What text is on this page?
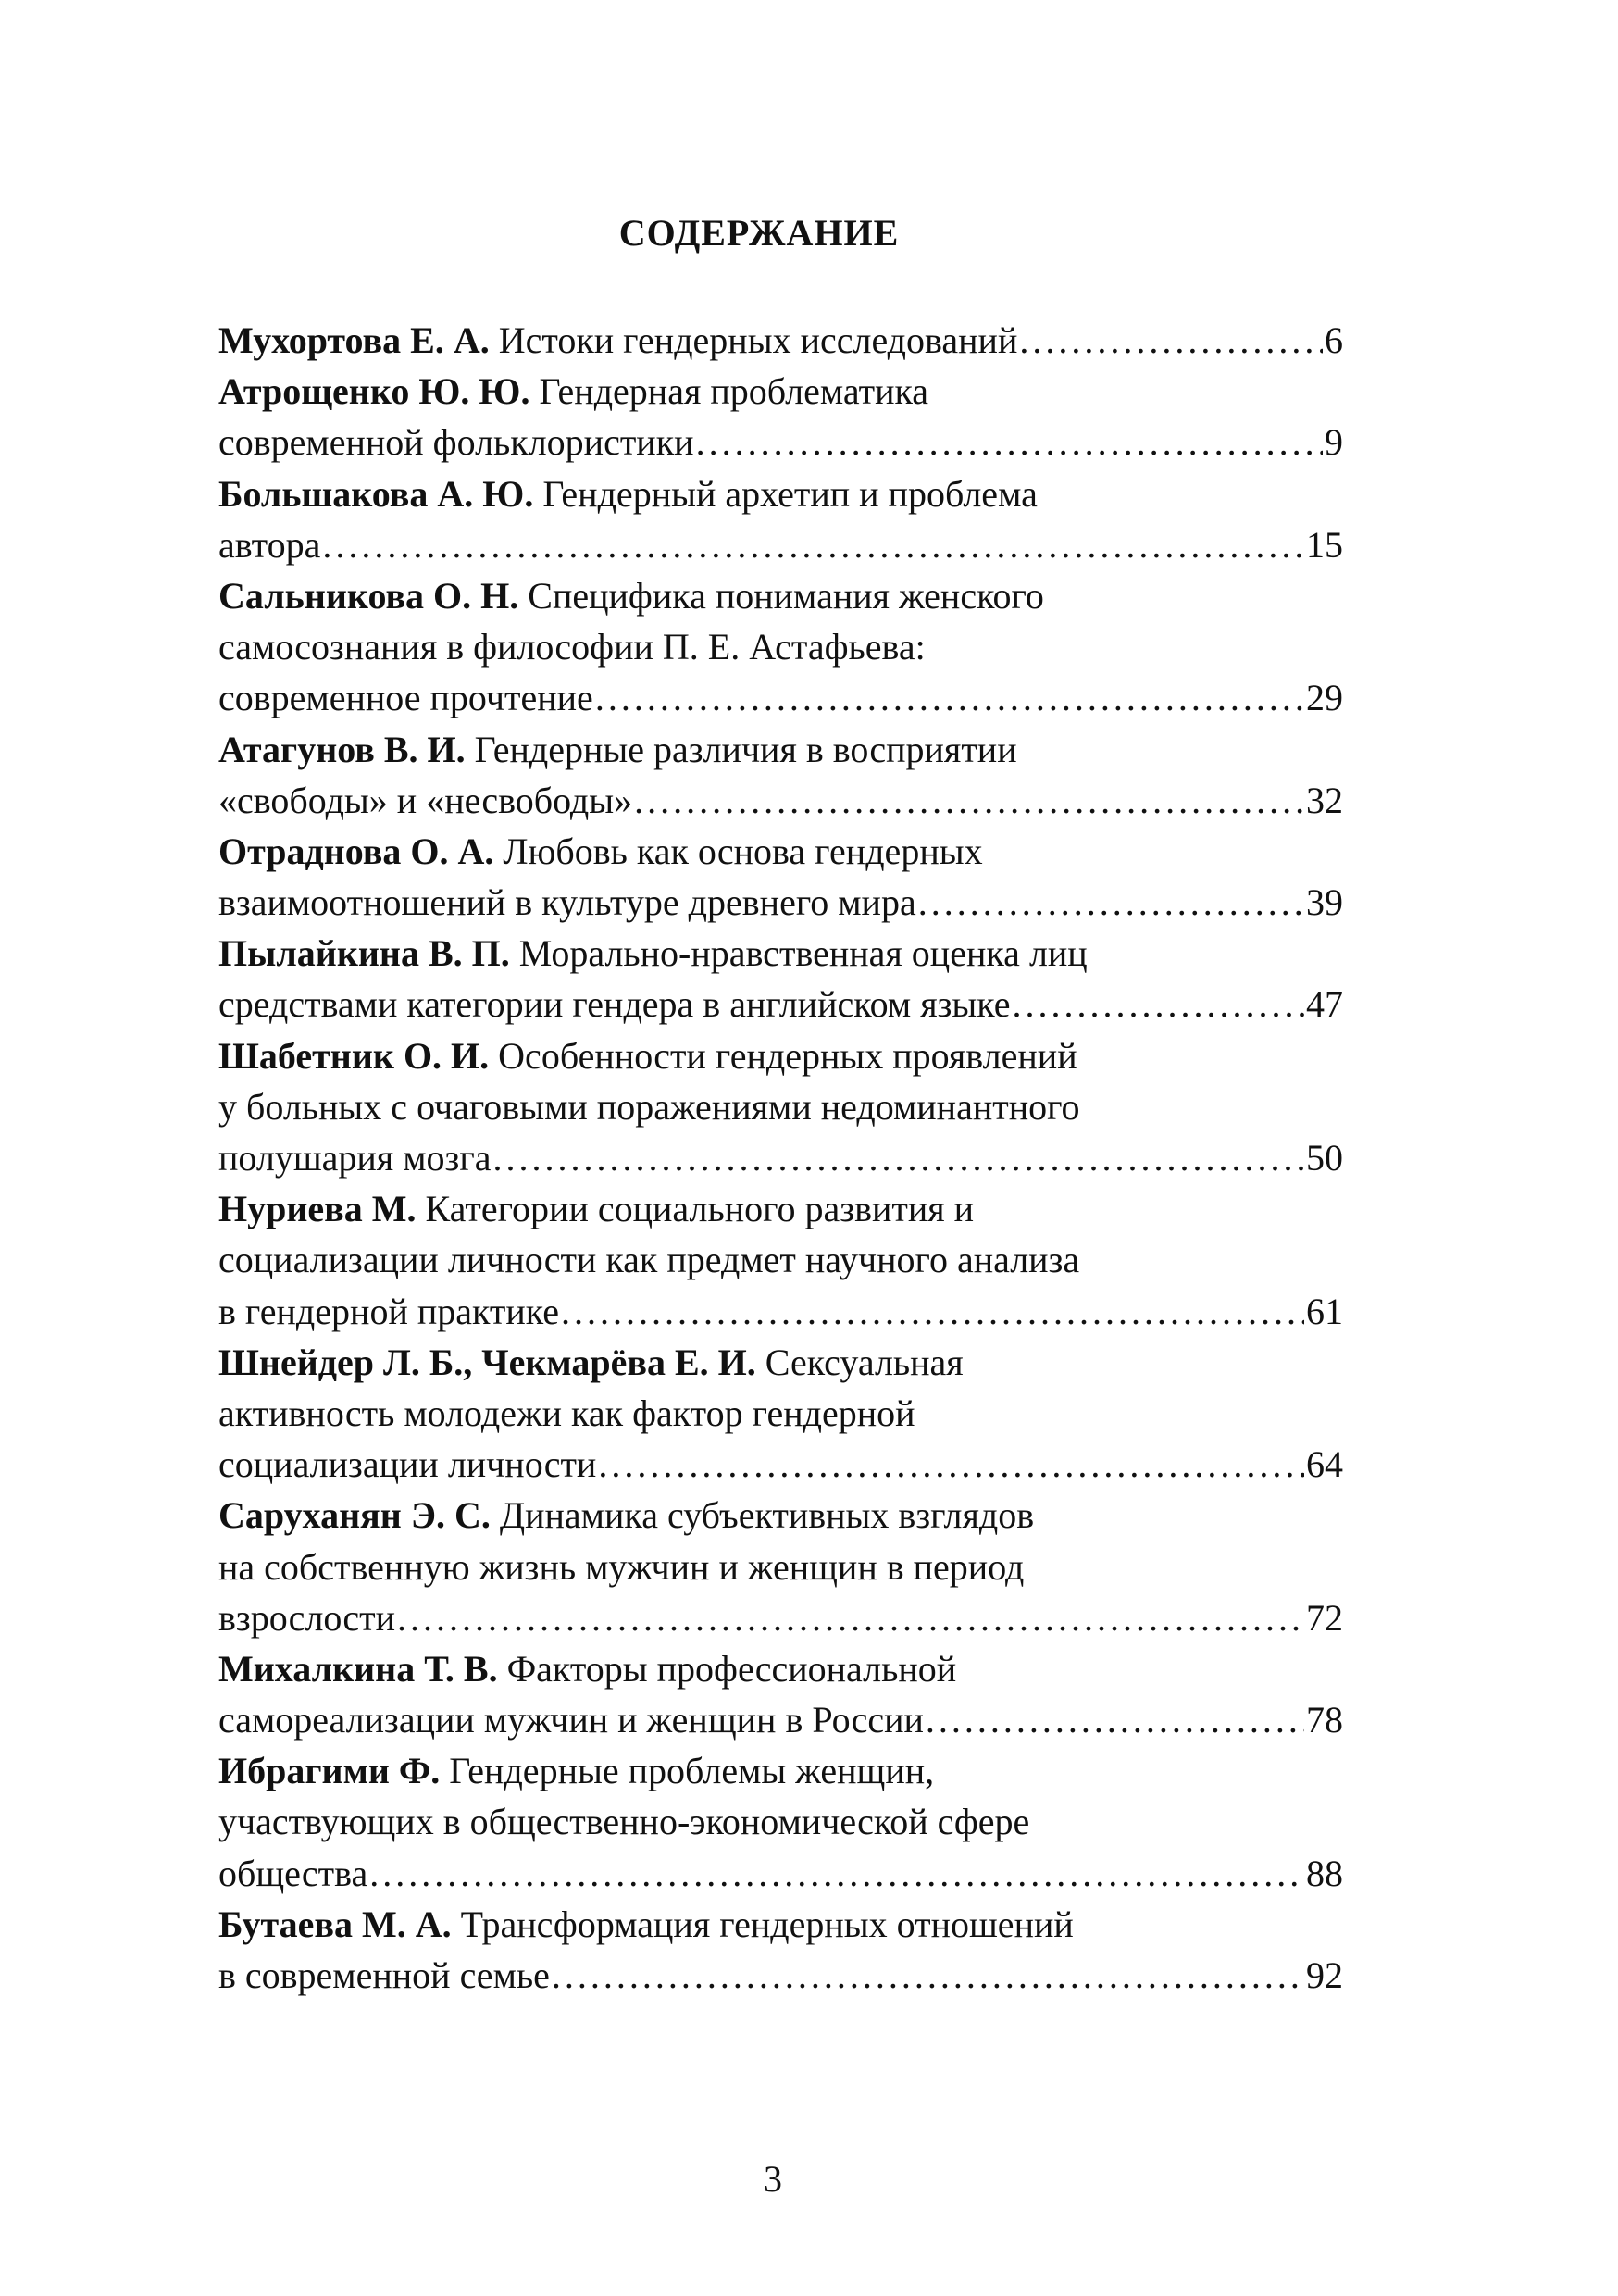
СОДЕРЖАНИЕ
Мухортова Е. А. Истоки гендерных исследований . . .	6
Атрощенко Ю. Ю. Гендерная проблематика
современной фольклористики . . .	9
Большакова А. Ю. Гендерный архетип и проблема
автора . . .	15
Сальникова О. Н. Специфика понимания женского
самосознания в философии П. Е. Астафьева:
современное прочтение . . .	29
Атагунов В. И. Гендерные различия в восприятии
«свободы» и «несвободы» . . .	32
Отраднова О. А. Любовь как основа гендерных
взаимоотношений в культуре древнего мира . . .	39
Пылайкина В. П. Морально-нравственная оценка лиц
средствами категории гендера в английском языке . . .	47
Шабетник О. И. Особенности гендерных проявлений
у больных с очаговыми поражениями недоминантного
полушария мозга . . .	50
Нуриева М. Категории социального развития и
социализации личности как предмет научного анализа
в гендерной практике . . .	61
Шнейдер Л. Б., Чекмарёва Е. И. Сексуальная
активность молодежи как фактор гендерной
социализации личности . . .	64
Саруханян Э. С. Динамика субъективных взглядов
на собственную жизнь мужчин и женщин в период
взрослости . . .	72
Михалкина Т. В. Факторы профессиональной
самореализации мужчин и женщин в России . . .	78
Ибрагими Ф. Гендерные проблемы женщин,
участвующих в общественно-экономической сфере
общества . . .	88
Бутаева М. А. Трансформация гендерных отношений
в современной семье . . .	92
3
